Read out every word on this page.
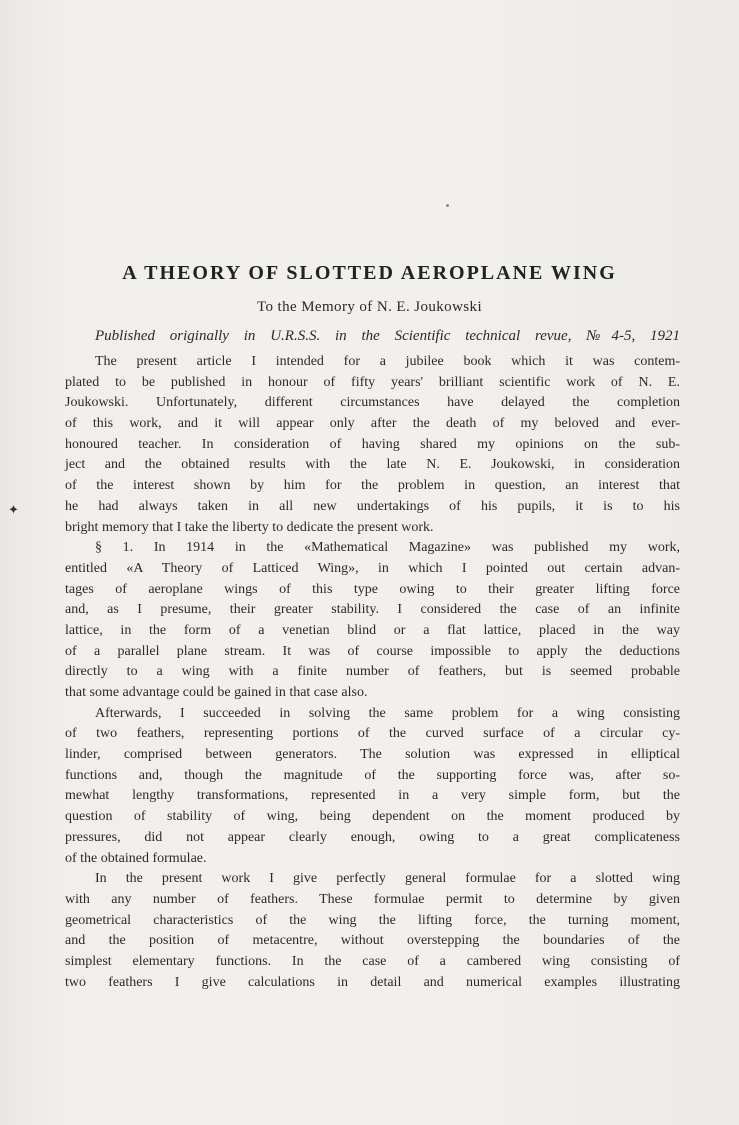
A THEORY OF SLOTTED AEROPLANE WING
To the Memory of N. E. Joukowski
Published originally in U.R.S.S. in the Scientific technical revue, №4-5, 1921
✦
The present article I intended for a jubilee book which it was contem-
plated to be published in honour of fifty years' brilliant scientific work of N. E.
Joukowski. Unfortunately, different circumstances have delayed the completion
of this work, and it will appear only after the death of my beloved and ever-
honoured teacher. In consideration of having shared my opinions on the sub-
ject and the obtained results with the late N. E. Joukowski, in consideration
of the interest shown by him for the problem in question, an interest that
he had always taken in all new undertakings of his pupils, it is to his
bright memory that I take the liberty to dedicate the present work.
§ 1. In 1914 in the «Mathematical Magazine» was published my work,
entitled «A Theory of Latticed Wing», in which I pointed out certain advan-
tages of aeroplane wings of this type owing to their greater lifting force
and, as I presume, their greater stability. I considered the case of an infinite
lattice, in the form of a venetian blind or a flat lattice, placed in the way
of a parallel plane stream. It was of course impossible to apply the deductions
directly to a wing with a finite number of feathers, but is seemed probable
that some advantage could be gained in that case also.
Afterwards, I succeeded in solving the same problem for a wing consisting
of two feathers, representing portions of the curved surface of a circular cy-
linder, comprised between generators. The solution was expressed in elliptical
functions and, though the magnitude of the supporting force was, after so-
mewhat lengthy transformations, represented in a very simple form, but the
question of stability of wing, being dependent on the moment produced by
pressures, did not appear clearly enough, owing to a great complicateness
of the obtained formulae.
In the present work I give perfectly general formulae for a slotted wing
with any number of feathers. These formulae permit to determine by given
geometrical characteristics of the wing the lifting force, the turning moment,
and the position of metacentre, without overstepping the boundaries of the
simplest elementary functions. In the case of a cambered wing consisting of
two feathers I give calculations in detail and numerical examples illustrating
